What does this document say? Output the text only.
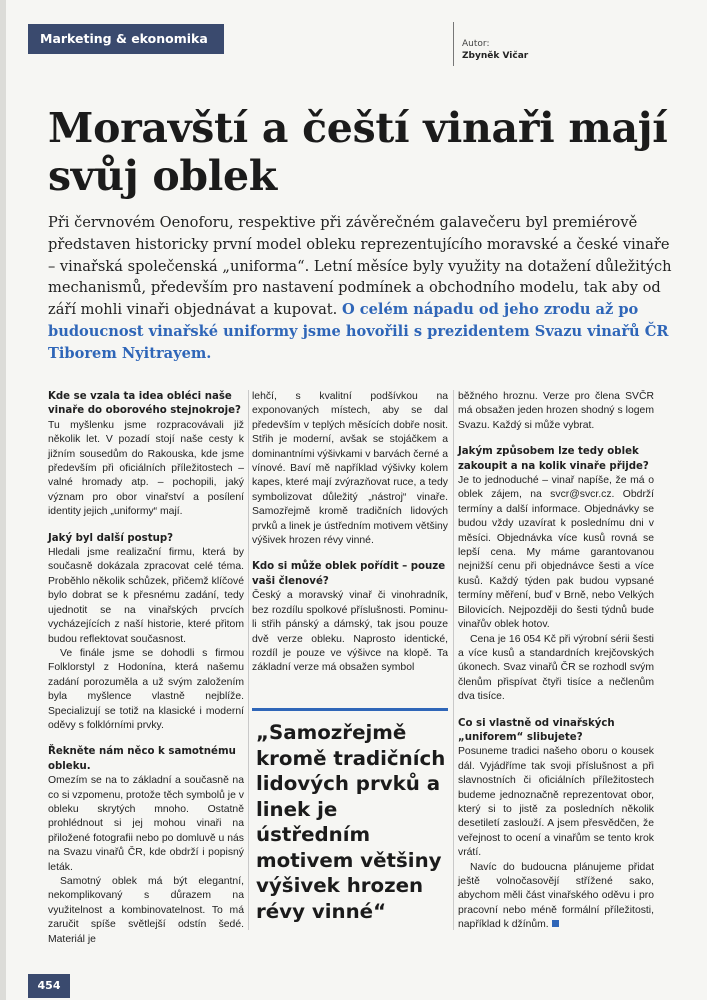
Marketing & ekonomika	Autor:
Zbyněk Vičar
Moravští a čeští vinaři mají svůj oblek

Při červnovém Oenoforu, respektive při závěrečném galavečeru byl premiérově představen historicky první model obleku reprezentujícího moravské a české vinaře – vinařská společenská „uniforma“. Letní měsíce byly využity na dotažení důležitých mechanismů, především pro nastavení podmínek a obchodního modelu, tak aby od září mohli vinaři objednávat a kupovat. O celém nápadu od jeho zrodu až po budoucnost vinařské uniformy jsme hovořili s prezidentem Svazu vinařů ČR Tiborem Nyitrayem.

Kde se vzala ta idea obléci naše vinaře do oborového stejnokroje?

Tu myšlenku jsme rozpracovávali již několik let. V pozadí stojí naše cesty k jižním sousedům do Rakouska, kde jsme především při oficiálních příležitostech – valné hromady atp. – pochopili, jaký význam pro obor vinařství a posílení identity jejich „uniformy“ mají.

Jaký byl další postup?

Hledali jsme realizační firmu, která by současně dokázala zpracovat celé téma. Proběhlo několik schůzek, přičemž klíčové bylo dobrat se k přesnému zadání, tedy ujednotit se na vinařských prvcích vycházejících z naší historie, které přitom budou reflektovat současnost.

Ve finále jsme se dohodli s firmou Folklorstyl z Hodonína, která našemu zadání porozuměla a už svým založením byla myšlence vlastně nejblíže. Specializují se totiž na klasické i moderní oděvy s folklórními prvky.

Řekněte nám něco k samotnému obleku.

Omezím se na to základní a současně na co si vzpomenu, protože těch symbolů je v obleku skrytých mnoho. Ostatně prohlédnout si jej mohou vinaři na přiložené fotografii nebo po domluvě u nás na Svazu vinařů ČR, kde obdrží i popisný leták.

Samotný oblek má být elegantní, nekomplikovaný s důrazem na využitelnost a kombinovatelnost. To má zaručit spíše světlejší odstín šedé. Materiál je

lehčí, s kvalitní podšívkou na exponovaných místech, aby se dal především v teplých měsících dobře nosit. Střih je moderní, avšak se stojáčkem a dominantními výšivkami v barvách černé a vínové. Baví mě například výšivky kolem kapes, které mají zvýrazňovat ruce, a tedy symbolizovat důležitý „nástroj“ vinaře. Samozřejmě kromě tradičních lidových prvků a linek je ústředním motivem většiny výšivek hrozen révy vinné.

Kdo si může oblek pořídit – pouze vaši členové?

Český a moravský vinař či vinohradník, bez rozdílu spolkové příslušnosti. Pominu-li střih pánský a dámský, tak jsou pouze dvě verze obleku. Naprosto identické, rozdíl je pouze ve výšivce na klopě. Ta základní verze má obsažen symbol

„Samozřejmě kromě tradičních lidových prvků a linek je ústředním motivem většiny výšivek hrozen révy vinné“

běžného hroznu. Verze pro člena SVČR má obsažen jeden hrozen shodný s logem Svazu. Každý si může vybrat.

Jakým způsobem lze tedy oblek zakoupit a na kolik vinaře přijde?

Je to jednoduché – vinař napíše, že má o oblek zájem, na svcr@svcr.cz. Obdrží termíny a další informace. Objednávky se budou vždy uzavírat k poslednímu dni v měsíci. Objednávka více kusů rovná se lepší cena. My máme garantovanou nejnižší cenu při objednávce šesti a více kusů. Každý týden pak budou vypsané termíny měření, buď v Brně, nebo Velkých Bilovicích. Nejpozději do šesti týdnů bude vinařův oblek hotov.

Cena je 16 054 Kč při výrobní sérii šesti a více kusů a standardních krejčovských úkonech. Svaz vinařů ČR se rozhodl svým členům přispívat čtyři tisíce a nečlenům dva tisíce.

Co si vlastně od vinařských „uniforem“ slibujete?

Posuneme tradici našeho oboru o kousek dál. Vyjádříme tak svoji příslušnost a při slavnostních či oficiálních příležitostech budeme jednoznačně reprezentovat obor, který si to jistě za posledních několik desetiletí zaslouží. A jsem přesvědčen, že veřejnost to ocení a vinařům se tento krok vrátí.

Navíc do budoucna plánujeme přidat ještě volnočasovějí střížené sako, abychom měli část vinařského oděvu i pro pracovní nebo méně formální příležitosti, například k džínům.

454
